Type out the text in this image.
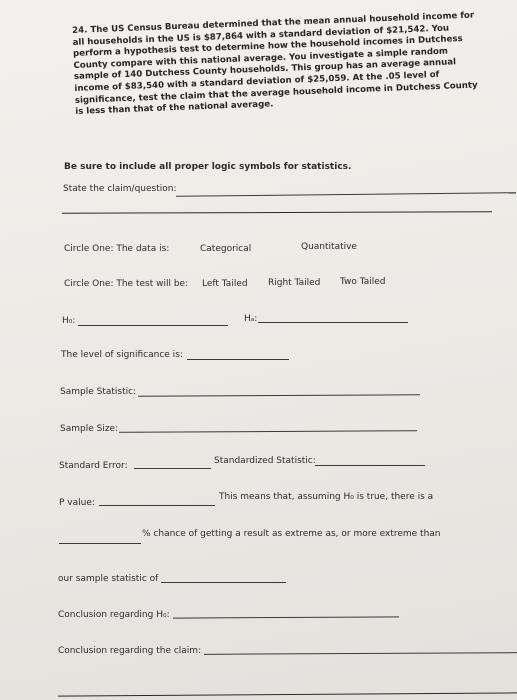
24. The US Census Bureau determined that the mean annual household income for all households in the US is $87,864 with a standard deviation of $21,542. You perform a hypothesis test to determine how the household incomes in Dutchess County compare with this national average. You investigate a simple random sample of 140 Dutchess County households. This group has an average annual income of $83,540 with a standard deviation of $25,059. At the .05 level of significance, test the claim that the average household income in Dutchess County is less than that of the national average.
Be sure to include all proper logic symbols for statistics.
State the claim/question:
Circle One: The data is:	Categorical	Quantitative
Circle One: The test will be: Left Tailed Right Tailed Two Tailed
H₀:	Hₐ:
The level of significance is:
Sample Statistic:
Sample Size:
Standard Error:	Standardized Statistic:
P value:
This means that, assuming H₀ is true, there is a
% chance of getting a result as extreme as, or more extreme than
our sample statistic of
Conclusion regarding H₀:
Conclusion regarding the claim:
